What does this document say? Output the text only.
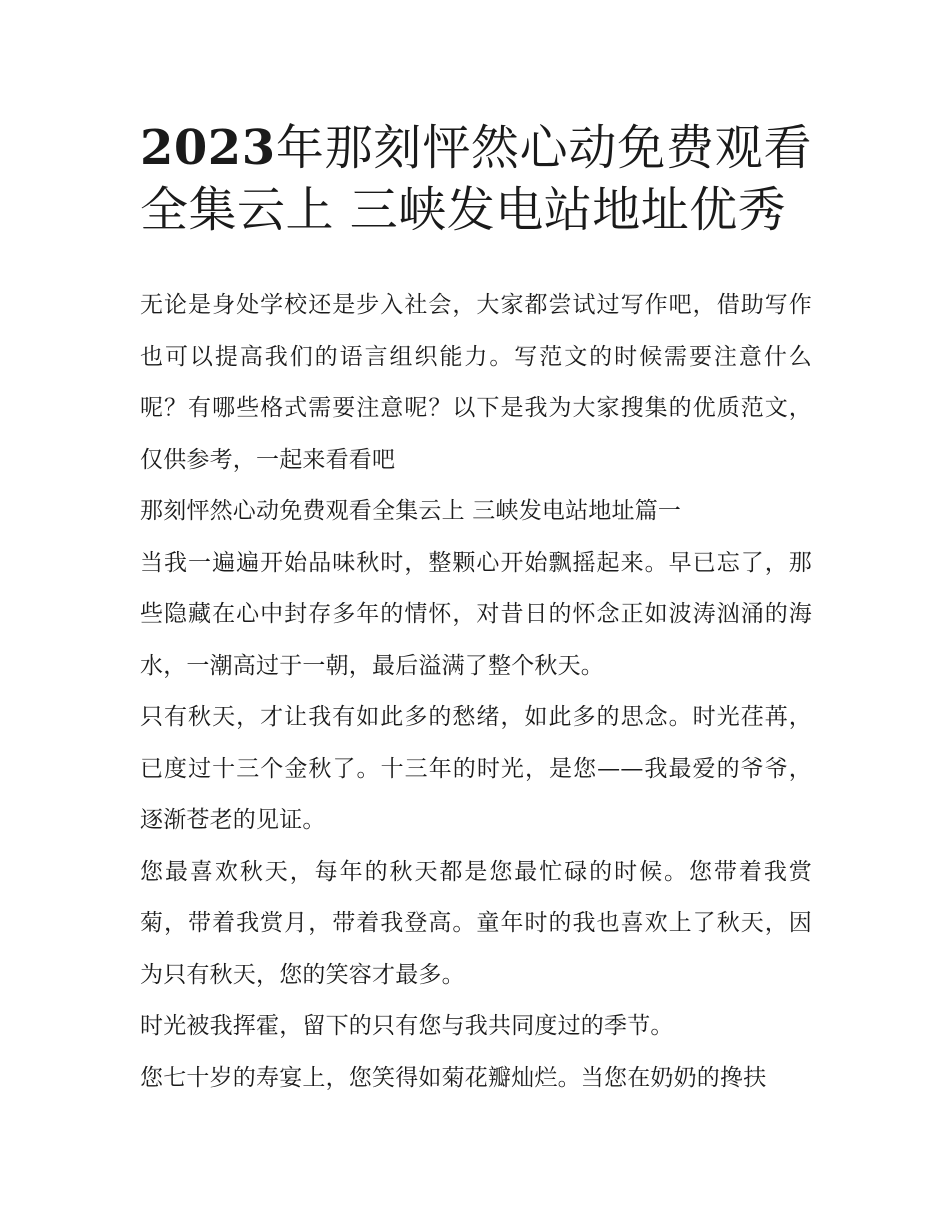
2023年那刻怦然心动免费观看全集云上 三峡发电站地址优秀

无论是身处学校还是步入社会，大家都尝试过写作吧，借助写作也可以提高我们的语言组织能力。写范文的时候需要注意什么呢？有哪些格式需要注意呢？以下是我为大家搜集的优质范文，仅供参考，一起来看看吧

那刻怦然心动免费观看全集云上 三峡发电站地址篇一

当我一遍遍开始品味秋时，整颗心开始飘摇起来。早已忘了，那些隐藏在心中封存多年的情怀，对昔日的怀念正如波涛汹涌的海水，一潮高过于一朝，最后溢满了整个秋天。

只有秋天，才让我有如此多的愁绪，如此多的思念。时光荏苒，已度过十三个金秋了。十三年的时光，是您——我最爱的爷爷，逐渐苍老的见证。

您最喜欢秋天，每年的秋天都是您最忙碌的时候。您带着我赏菊，带着我赏月，带着我登高。童年时的我也喜欢上了秋天，因为只有秋天，您的笑容才最多。

时光被我挥霍，留下的只有您与我共同度过的季节。

您七十岁的寿宴上，您笑得如菊花瓣灿烂。当您在奶奶的搀扶
